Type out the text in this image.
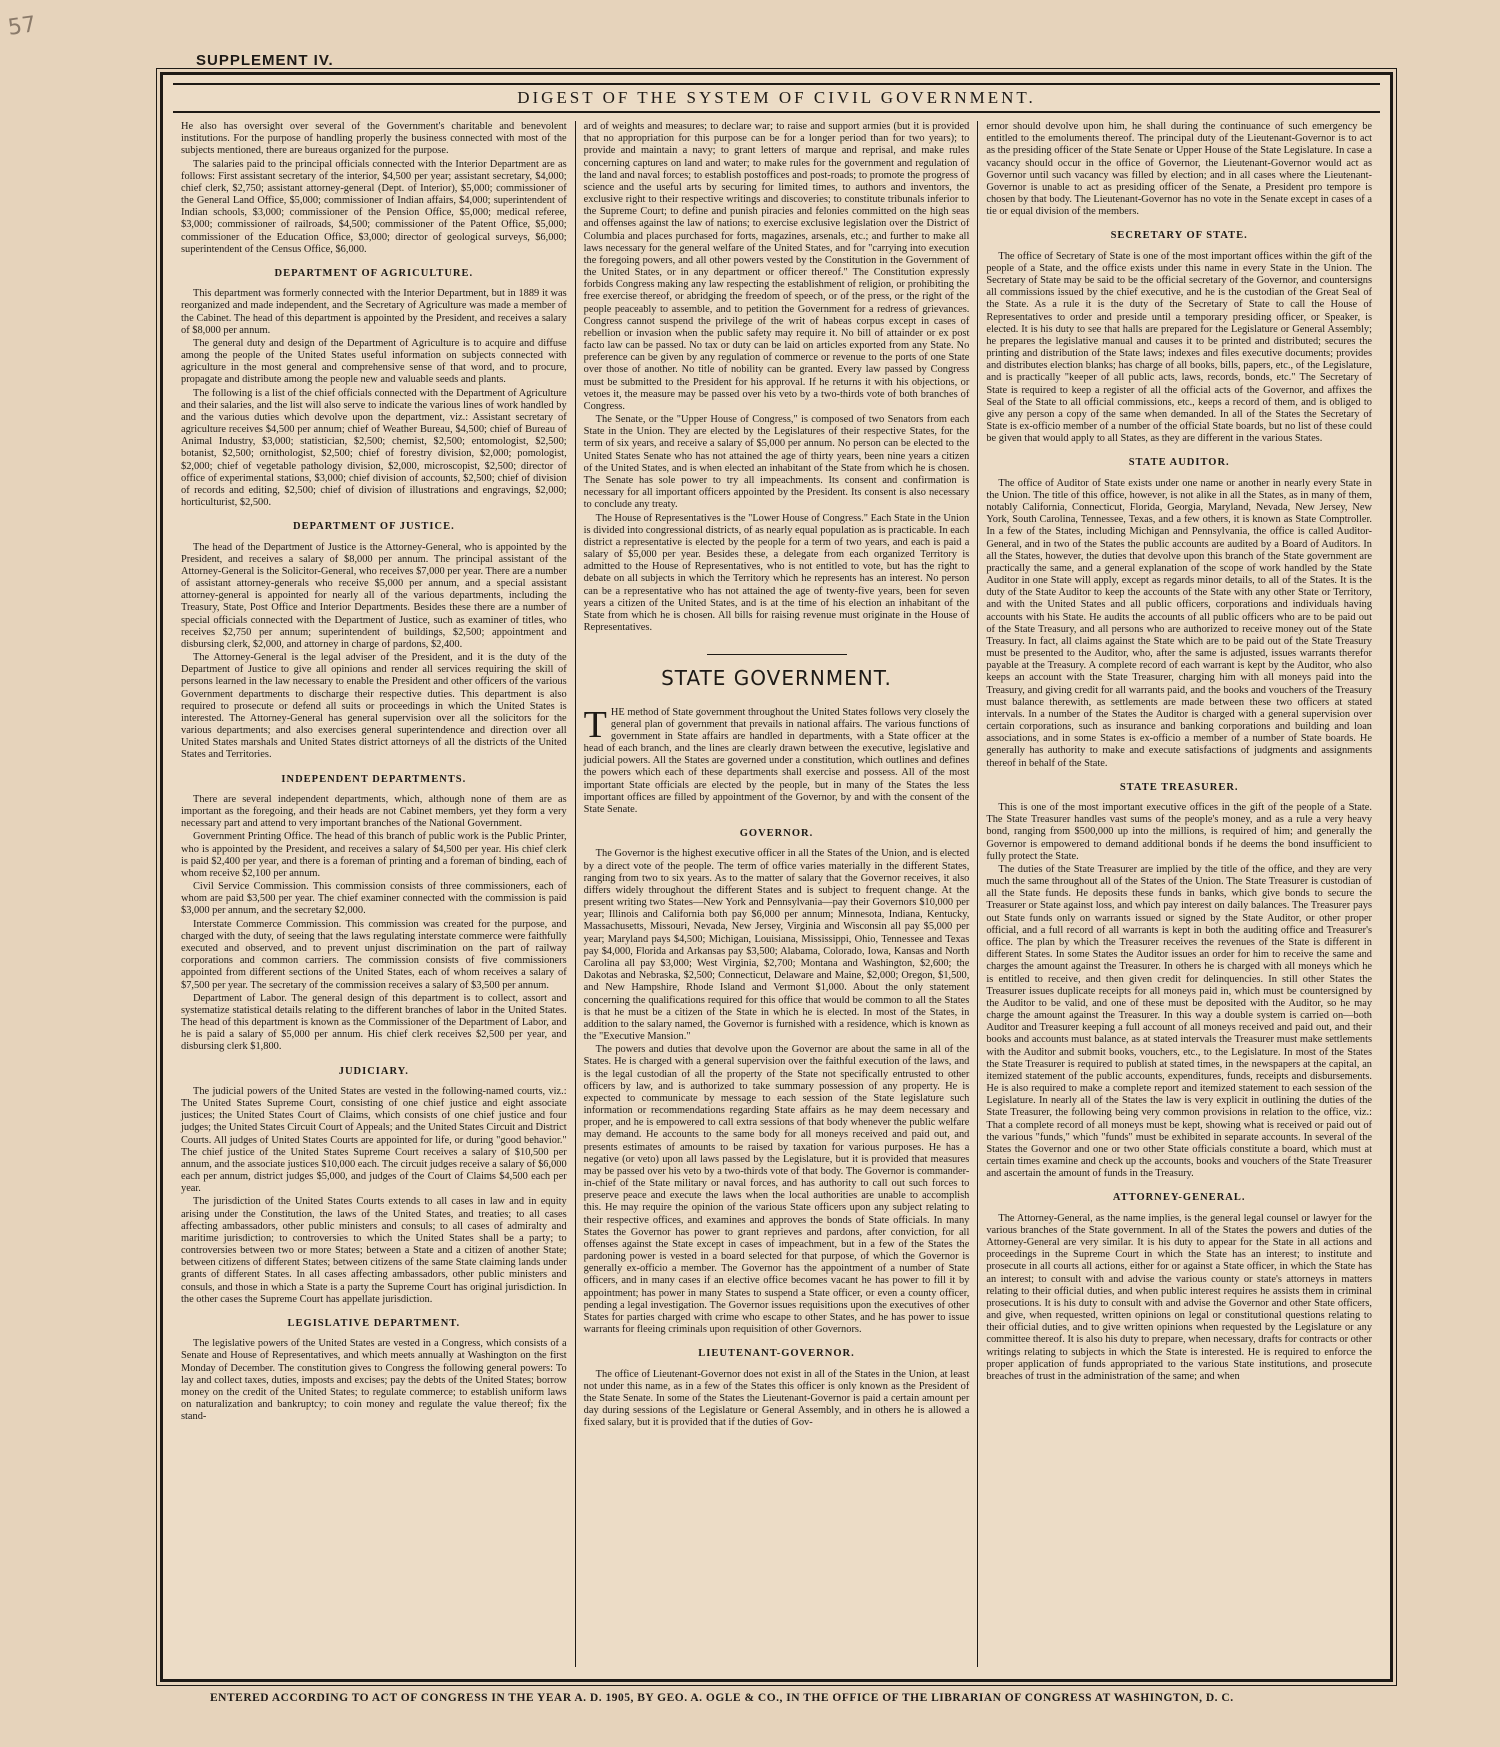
57
SUPPLEMENT IV.
DIGEST OF THE SYSTEM OF CIVIL GOVERNMENT.

He also has oversight over several of the Government's charitable and benevolent institutions. For the purpose of handling properly the business connected with most of the subjects mentioned, there are bureaus organized for the purpose.

The salaries paid to the principal officials connected with the Interior Department are as follows: First assistant secretary of the interior, $4,500 per year; assistant secretary, $4,000; chief clerk, $2,750; assistant attorney-general (Dept. of Interior), $5,000; commissioner of the General Land Office, $5,000; commissioner of Indian affairs, $4,000; superintendent of Indian schools, $3,000; commissioner of the Pension Office, $5,000; medical referee, $3,000; commissioner of railroads, $4,500; commissioner of the Patent Office, $5,000; commissioner of the Education Office, $3,000; director of geological surveys, $6,000; superintendent of the Census Office, $6,000.

DEPARTMENT OF AGRICULTURE.

This department was formerly connected with the Interior Department, but in 1889 it was reorganized and made independent, and the Secretary of Agriculture was made a member of the Cabinet. The head of this department is appointed by the President, and receives a salary of $8,000 per annum.

The general duty and design of the Department of Agriculture is to acquire and diffuse among the people of the United States useful information on subjects connected with agriculture in the most general and comprehensive sense of that word, and to procure, propagate and distribute among the people new and valuable seeds and plants.

The following is a list of the chief officials connected with the Department of Agriculture and their salaries, and the list will also serve to indicate the various lines of work handled by and the various duties which devolve upon the department, viz.: Assistant secretary of agriculture receives $4,500 per annum; chief of Weather Bureau, $4,500; chief of Bureau of Animal Industry, $3,000; statistician, $2,500; chemist, $2,500; entomologist, $2,500; botanist, $2,500; ornithologist, $2,500; chief of forestry division, $2,000; pomologist, $2,000; chief of vegetable pathology division, $2,000, microscopist, $2,500; director of office of experimental stations, $3,000; chief division of accounts, $2,500; chief of division of records and editing, $2,500; chief of division of illustrations and engravings, $2,000; horticulturist, $2,500.

DEPARTMENT OF JUSTICE.

The head of the Department of Justice is the Attorney-General, who is appointed by the President, and receives a salary of $8,000 per annum. The principal assistant of the Attorney-General is the Solicitor-General, who receives $7,000 per year. There are a number of assistant attorney-generals who receive $5,000 per annum, and a special assistant attorney-general is appointed for nearly all of the various departments, including the Treasury, State, Post Office and Interior Departments. Besides these there are a number of special officials connected with the Department of Justice, such as examiner of titles, who receives $2,750 per annum; superintendent of buildings, $2,500; appointment and disbursing clerk, $2,000, and attorney in charge of pardons, $2,400.

The Attorney-General is the legal adviser of the President, and it is the duty of the Department of Justice to give all opinions and render all services requiring the skill of persons learned in the law necessary to enable the President and other officers of the various Government departments to discharge their respective duties. This department is also required to prosecute or defend all suits or proceedings in which the United States is interested. The Attorney-General has general supervision over all the solicitors for the various departments; and also exercises general superintendence and direction over all United States marshals and United States district attorneys of all the districts of the United States and Territories.

INDEPENDENT DEPARTMENTS.

There are several independent departments, which, although none of them are as important as the foregoing, and their heads are not Cabinet members, yet they form a very necessary part and attend to very important branches of the National Government.

Government Printing Office. The head of this branch of public work is the Public Printer, who is appointed by the President, and receives a salary of $4,500 per year. His chief clerk is paid $2,400 per year, and there is a foreman of printing and a foreman of binding, each of whom receive $2,100 per annum.

Civil Service Commission. This commission consists of three commissioners, each of whom are paid $3,500 per year. The chief examiner connected with the commission is paid $3,000 per annum, and the secretary $2,000.

Interstate Commerce Commission. This commission was created for the purpose, and charged with the duty, of seeing that the laws regulating interstate commerce were faithfully executed and observed, and to prevent unjust discrimination on the part of railway corporations and common carriers. The commission consists of five commissioners appointed from different sections of the United States, each of whom receives a salary of $7,500 per year. The secretary of the commission receives a salary of $3,500 per annum.

Department of Labor. The general design of this department is to collect, assort and systematize statistical details relating to the different branches of labor in the United States. The head of this department is known as the Commissioner of the Department of Labor, and he is paid a salary of $5,000 per annum. His chief clerk receives $2,500 per year, and disbursing clerk $1,800.

JUDICIARY.

The judicial powers of the United States are vested in the following-named courts, viz.: The United States Supreme Court, consisting of one chief justice and eight associate justices; the United States Court of Claims, which consists of one chief justice and four judges; the United States Circuit Court of Appeals; and the United States Circuit and District Courts. All judges of United States Courts are appointed for life, or during "good behavior." The chief justice of the United States Supreme Court receives a salary of $10,500 per annum, and the associate justices $10,000 each. The circuit judges receive a salary of $6,000 each per annum, district judges $5,000, and judges of the Court of Claims $4,500 each per year.

The jurisdiction of the United States Courts extends to all cases in law and in equity arising under the Constitution, the laws of the United States, and treaties; to all cases affecting ambassadors, other public ministers and consuls; to all cases of admiralty and maritime jurisdiction; to controversies to which the United States shall be a party; to controversies between two or more States; between a State and a citizen of another State; between citizens of different States; between citizens of the same State claiming lands under grants of different States. In all cases affecting ambassadors, other public ministers and consuls, and those in which a State is a party the Supreme Court has original jurisdiction. In the other cases the Supreme Court has appellate jurisdiction.

LEGISLATIVE DEPARTMENT.

The legislative powers of the United States are vested in a Congress, which consists of a Senate and House of Representatives, and which meets annually at Washington on the first Monday of December. The constitution gives to Congress the following general powers: To lay and collect taxes, duties, imposts and excises; pay the debts of the United States; borrow money on the credit of the United States; to regulate commerce; to establish uniform laws on naturalization and bankruptcy; to coin money and regulate the value thereof; fix the stand-

ard of weights and measures; to declare war; to raise and support armies (but it is provided that no appropriation for this purpose can be for a longer period than for two years); to provide and maintain a navy; to grant letters of marque and reprisal, and make rules concerning captures on land and water; to make rules for the government and regulation of the land and naval forces; to establish postoffices and post-roads; to promote the progress of science and the useful arts by securing for limited times, to authors and inventors, the exclusive right to their respective writings and discoveries; to constitute tribunals inferior to the Supreme Court; to define and punish piracies and felonies committed on the high seas and offenses against the law of nations; to exercise exclusive legislation over the District of Columbia and places purchased for forts, magazines, arsenals, etc.; and further to make all laws necessary for the general welfare of the United States, and for "carrying into execution the foregoing powers, and all other powers vested by the Constitution in the Government of the United States, or in any department or officer thereof." The Constitution expressly forbids Congress making any law respecting the establishment of religion, or prohibiting the free exercise thereof, or abridging the freedom of speech, or of the press, or the right of the people peaceably to assemble, and to petition the Government for a redress of grievances. Congress cannot suspend the privilege of the writ of habeas corpus except in cases of rebellion or invasion when the public safety may require it. No bill of attainder or ex post facto law can be passed. No tax or duty can be laid on articles exported from any State. No preference can be given by any regulation of commerce or revenue to the ports of one State over those of another. No title of nobility can be granted. Every law passed by Congress must be submitted to the President for his approval. If he returns it with his objections, or vetoes it, the measure may be passed over his veto by a two-thirds vote of both branches of Congress.

The Senate, or the "Upper House of Congress," is composed of two Senators from each State in the Union. They are elected by the Legislatures of their respective States, for the term of six years, and receive a salary of $5,000 per annum. No person can be elected to the United States Senate who has not attained the age of thirty years, been nine years a citizen of the United States, and is when elected an inhabitant of the State from which he is chosen. The Senate has sole power to try all impeachments. Its consent and confirmation is necessary for all important officers appointed by the President. Its consent is also necessary to conclude any treaty.

The House of Representatives is the "Lower House of Congress." Each State in the Union is divided into congressional districts, of as nearly equal population as is practicable. In each district a representative is elected by the people for a term of two years, and each is paid a salary of $5,000 per year. Besides these, a delegate from each organized Territory is admitted to the House of Representatives, who is not entitled to vote, but has the right to debate on all subjects in which the Territory which he represents has an interest. No person can be a representative who has not attained the age of twenty-five years, been for seven years a citizen of the United States, and is at the time of his election an inhabitant of the State from which he is chosen. All bills for raising revenue must originate in the House of Representatives.

STATE GOVERNMENT.

THE method of State government throughout the United States follows very closely the general plan of government that prevails in national affairs. The various functions of government in State affairs are handled in departments, with a State officer at the head of each branch, and the lines are clearly drawn between the executive, legislative and judicial powers. All the States are governed under a constitution, which outlines and defines the powers which each of these departments shall exercise and possess. All of the most important State officials are elected by the people, but in many of the States the less important offices are filled by appointment of the Governor, by and with the consent of the State Senate.

GOVERNOR.

The Governor is the highest executive officer in all the States of the Union, and is elected by a direct vote of the people. The term of office varies materially in the different States, ranging from two to six years. As to the matter of salary that the Governor receives, it also differs widely throughout the different States and is subject to frequent change. At the present writing two States—New York and Pennsylvania—pay their Governors $10,000 per year; Illinois and California both pay $6,000 per annum; Minnesota, Indiana, Kentucky, Massachusetts, Missouri, Nevada, New Jersey, Virginia and Wisconsin all pay $5,000 per year; Maryland pays $4,500; Michigan, Louisiana, Mississippi, Ohio, Tennessee and Texas pay $4,000, Florida and Arkansas pay $3,500; Alabama, Colorado, Iowa, Kansas and North Carolina all pay $3,000; West Virginia, $2,700; Montana and Washington, $2,600; the Dakotas and Nebraska, $2,500; Connecticut, Delaware and Maine, $2,000; Oregon, $1,500, and New Hampshire, Rhode Island and Vermont $1,000. About the only statement concerning the qualifications required for this office that would be common to all the States is that he must be a citizen of the State in which he is elected. In most of the States, in addition to the salary named, the Governor is furnished with a residence, which is known as the "Executive Mansion."

The powers and duties that devolve upon the Governor are about the same in all of the States. He is charged with a general supervision over the faithful execution of the laws, and is the legal custodian of all the property of the State not specifically entrusted to other officers by law, and is authorized to take summary possession of any property. He is expected to communicate by message to each session of the State legislature such information or recommendations regarding State affairs as he may deem necessary and proper, and he is empowered to call extra sessions of that body whenever the public welfare may demand. He accounts to the same body for all moneys received and paid out, and presents estimates of amounts to be raised by taxation for various purposes. He has a negative (or veto) upon all laws passed by the Legislature, but it is provided that measures may be passed over his veto by a two-thirds vote of that body. The Governor is commander-in-chief of the State military or naval forces, and has authority to call out such forces to preserve peace and execute the laws when the local authorities are unable to accomplish this. He may require the opinion of the various State officers upon any subject relating to their respective offices, and examines and approves the bonds of State officials. In many States the Governor has power to grant reprieves and pardons, after conviction, for all offenses against the State except in cases of impeachment, but in a few of the States the pardoning power is vested in a board selected for that purpose, of which the Governor is generally ex-officio a member. The Governor has the appointment of a number of State officers, and in many cases if an elective office becomes vacant he has power to fill it by appointment; has power in many States to suspend a State officer, or even a county officer, pending a legal investigation. The Governor issues requisitions upon the executives of other States for parties charged with crime who escape to other States, and he has power to issue warrants for fleeing criminals upon requisition of other Governors.

LIEUTENANT-GOVERNOR.

The office of Lieutenant-Governor does not exist in all of the States in the Union, at least not under this name, as in a few of the States this officer is only known as the President of the State Senate. In some of the States the Lieutenant-Governor is paid a certain amount per day during sessions of the Legislature or General Assembly, and in others he is allowed a fixed salary, but it is provided that if the duties of Gov-

ernor should devolve upon him, he shall during the continuance of such emergency be entitled to the emoluments thereof. The principal duty of the Lieutenant-Governor is to act as the presiding officer of the State Senate or Upper House of the State Legislature. In case a vacancy should occur in the office of Governor, the Lieutenant-Governor would act as Governor until such vacancy was filled by election; and in all cases where the Lieutenant-Governor is unable to act as presiding officer of the Senate, a President pro tempore is chosen by that body. The Lieutenant-Governor has no vote in the Senate except in cases of a tie or equal division of the members.

SECRETARY OF STATE.

The office of Secretary of State is one of the most important offices within the gift of the people of a State, and the office exists under this name in every State in the Union. The Secretary of State may be said to be the official secretary of the Governor, and countersigns all commissions issued by the chief executive, and he is the custodian of the Great Seal of the State. As a rule it is the duty of the Secretary of State to call the House of Representatives to order and preside until a temporary presiding officer, or Speaker, is elected. It is his duty to see that halls are prepared for the Legislature or General Assembly; he prepares the legislative manual and causes it to be printed and distributed; secures the printing and distribution of the State laws; indexes and files executive documents; provides and distributes election blanks; has charge of all books, bills, papers, etc., of the Legislature, and is practically "keeper of all public acts, laws, records, bonds, etc." The Secretary of State is required to keep a register of all the official acts of the Governor, and affixes the Seal of the State to all official commissions, etc., keeps a record of them, and is obliged to give any person a copy of the same when demanded. In all of the States the Secretary of State is ex-officio member of a number of the official State boards, but no list of these could be given that would apply to all States, as they are different in the various States.

STATE AUDITOR.

The office of Auditor of State exists under one name or another in nearly every State in the Union. The title of this office, however, is not alike in all the States, as in many of them, notably California, Connecticut, Florida, Georgia, Maryland, Nevada, New Jersey, New York, South Carolina, Tennessee, Texas, and a few others, it is known as State Comptroller. In a few of the States, including Michigan and Pennsylvania, the office is called Auditor-General, and in two of the States the public accounts are audited by a Board of Auditors. In all the States, however, the duties that devolve upon this branch of the State government are practically the same, and a general explanation of the scope of work handled by the State Auditor in one State will apply, except as regards minor details, to all of the States. It is the duty of the State Auditor to keep the accounts of the State with any other State or Territory, and with the United States and all public officers, corporations and individuals having accounts with his State. He audits the accounts of all public officers who are to be paid out of the State Treasury, and all persons who are authorized to receive money out of the State Treasury. In fact, all claims against the State which are to be paid out of the State Treasury must be presented to the Auditor, who, after the same is adjusted, issues warrants therefor payable at the Treasury. A complete record of each warrant is kept by the Auditor, who also keeps an account with the State Treasurer, charging him with all moneys paid into the Treasury, and giving credit for all warrants paid, and the books and vouchers of the Treasury must balance therewith, as settlements are made between these two officers at stated intervals. In a number of the States the Auditor is charged with a general supervision over certain corporations, such as insurance and banking corporations and building and loan associations, and in some States is ex-officio a member of a number of State boards. He generally has authority to make and execute satisfactions of judgments and assignments thereof in behalf of the State.

STATE TREASURER.

This is one of the most important executive offices in the gift of the people of a State. The State Treasurer handles vast sums of the people's money, and as a rule a very heavy bond, ranging from $500,000 up into the millions, is required of him; and generally the Governor is empowered to demand additional bonds if he deems the bond insufficient to fully protect the State.

The duties of the State Treasurer are implied by the title of the office, and they are very much the same throughout all of the States of the Union. The State Treasurer is custodian of all the State funds. He deposits these funds in banks, which give bonds to secure the Treasurer or State against loss, and which pay interest on daily balances. The Treasurer pays out State funds only on warrants issued or signed by the State Auditor, or other proper official, and a full record of all warrants is kept in both the auditing office and Treasurer's office. The plan by which the Treasurer receives the revenues of the State is different in different States. In some States the Auditor issues an order for him to receive the same and charges the amount against the Treasurer. In others he is charged with all moneys which he is entitled to receive, and then given credit for delinquencies. In still other States the Treasurer issues duplicate receipts for all moneys paid in, which must be countersigned by the Auditor to be valid, and one of these must be deposited with the Auditor, so he may charge the amount against the Treasurer. In this way a double system is carried on—both Auditor and Treasurer keeping a full account of all moneys received and paid out, and their books and accounts must balance, as at stated intervals the Treasurer must make settlements with the Auditor and submit books, vouchers, etc., to the Legislature. In most of the States the State Treasurer is required to publish at stated times, in the newspapers at the capital, an itemized statement of the public accounts, expenditures, funds, receipts and disbursements. He is also required to make a complete report and itemized statement to each session of the Legislature. In nearly all of the States the law is very explicit in outlining the duties of the State Treasurer, the following being very common provisions in relation to the office, viz.: That a complete record of all moneys must be kept, showing what is received or paid out of the various "funds," which "funds" must be exhibited in separate accounts. In several of the States the Governor and one or two other State officials constitute a board, which must at certain times examine and check up the accounts, books and vouchers of the State Treasurer and ascertain the amount of funds in the Treasury.

ATTORNEY-GENERAL.

The Attorney-General, as the name implies, is the general legal counsel or lawyer for the various branches of the State government. In all of the States the powers and duties of the Attorney-General are very similar. It is his duty to appear for the State in all actions and proceedings in the Supreme Court in which the State has an interest; to institute and prosecute in all courts all actions, either for or against a State officer, in which the State has an interest; to consult with and advise the various county or state's attorneys in matters relating to their official duties, and when public interest requires he assists them in criminal prosecutions. It is his duty to consult with and advise the Governor and other State officers, and give, when requested, written opinions on legal or constitutional questions relating to their official duties, and to give written opinions when requested by the Legislature or any committee thereof. It is also his duty to prepare, when necessary, drafts for contracts or other writings relating to subjects in which the State is interested. He is required to enforce the proper application of funds appropriated to the various State institutions, and prosecute breaches of trust in the administration of the same; and when

ENTERED ACCORDING TO ACT OF CONGRESS IN THE YEAR A. D. 1905, BY GEO. A. OGLE & CO., IN THE OFFICE OF THE LIBRARIAN OF CONGRESS AT WASHINGTON, D. C.
